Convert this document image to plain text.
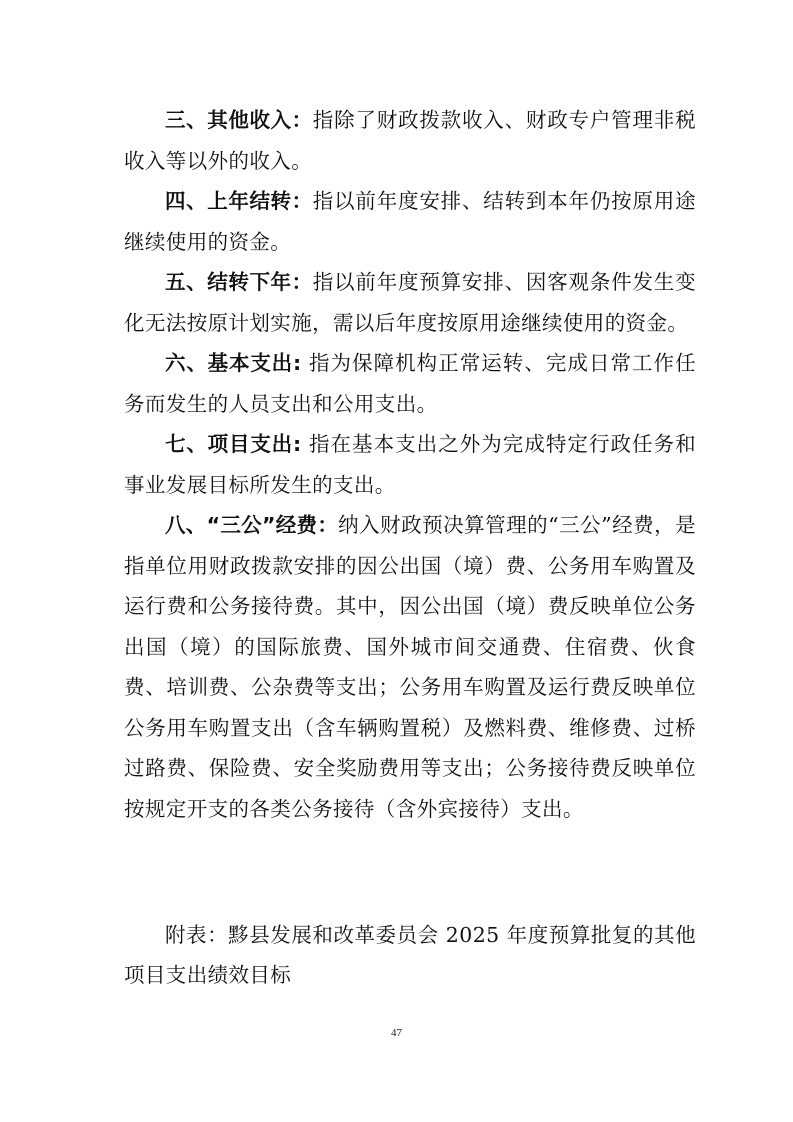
三、其他收入：指除了财政拨款收入、财政专户管理非税收入等以外的收入。

四、上年结转：指以前年度安排、结转到本年仍按原用途继续使用的资金。

五、结转下年：指以前年度预算安排、因客观条件发生变化无法按原计划实施，需以后年度按原用途继续使用的资金。

六、基本支出: 指为保障机构正常运转、完成日常工作任务而发生的人员支出和公用支出。

七、项目支出: 指在基本支出之外为完成特定行政任务和事业发展目标所发生的支出。

八、“三公”经费：纳入财政预决算管理的“三公”经费，是指单位用财政拨款安排的因公出国（境）费、公务用车购置及运行费和公务接待费。其中，因公出国（境）费反映单位公务出国（境）的国际旅费、国外城市间交通费、住宿费、伙食费、培训费、公杂费等支出；公务用车购置及运行费反映单位公务用车购置支出（含车辆购置税）及燃料费、维修费、过桥过路费、保险费、安全奖励费用等支出；公务接待费反映单位按规定开支的各类公务接待（含外宾接待）支出。

附表：黟县发展和改革委员会 2025 年度预算批复的其他项目支出绩效目标

47
